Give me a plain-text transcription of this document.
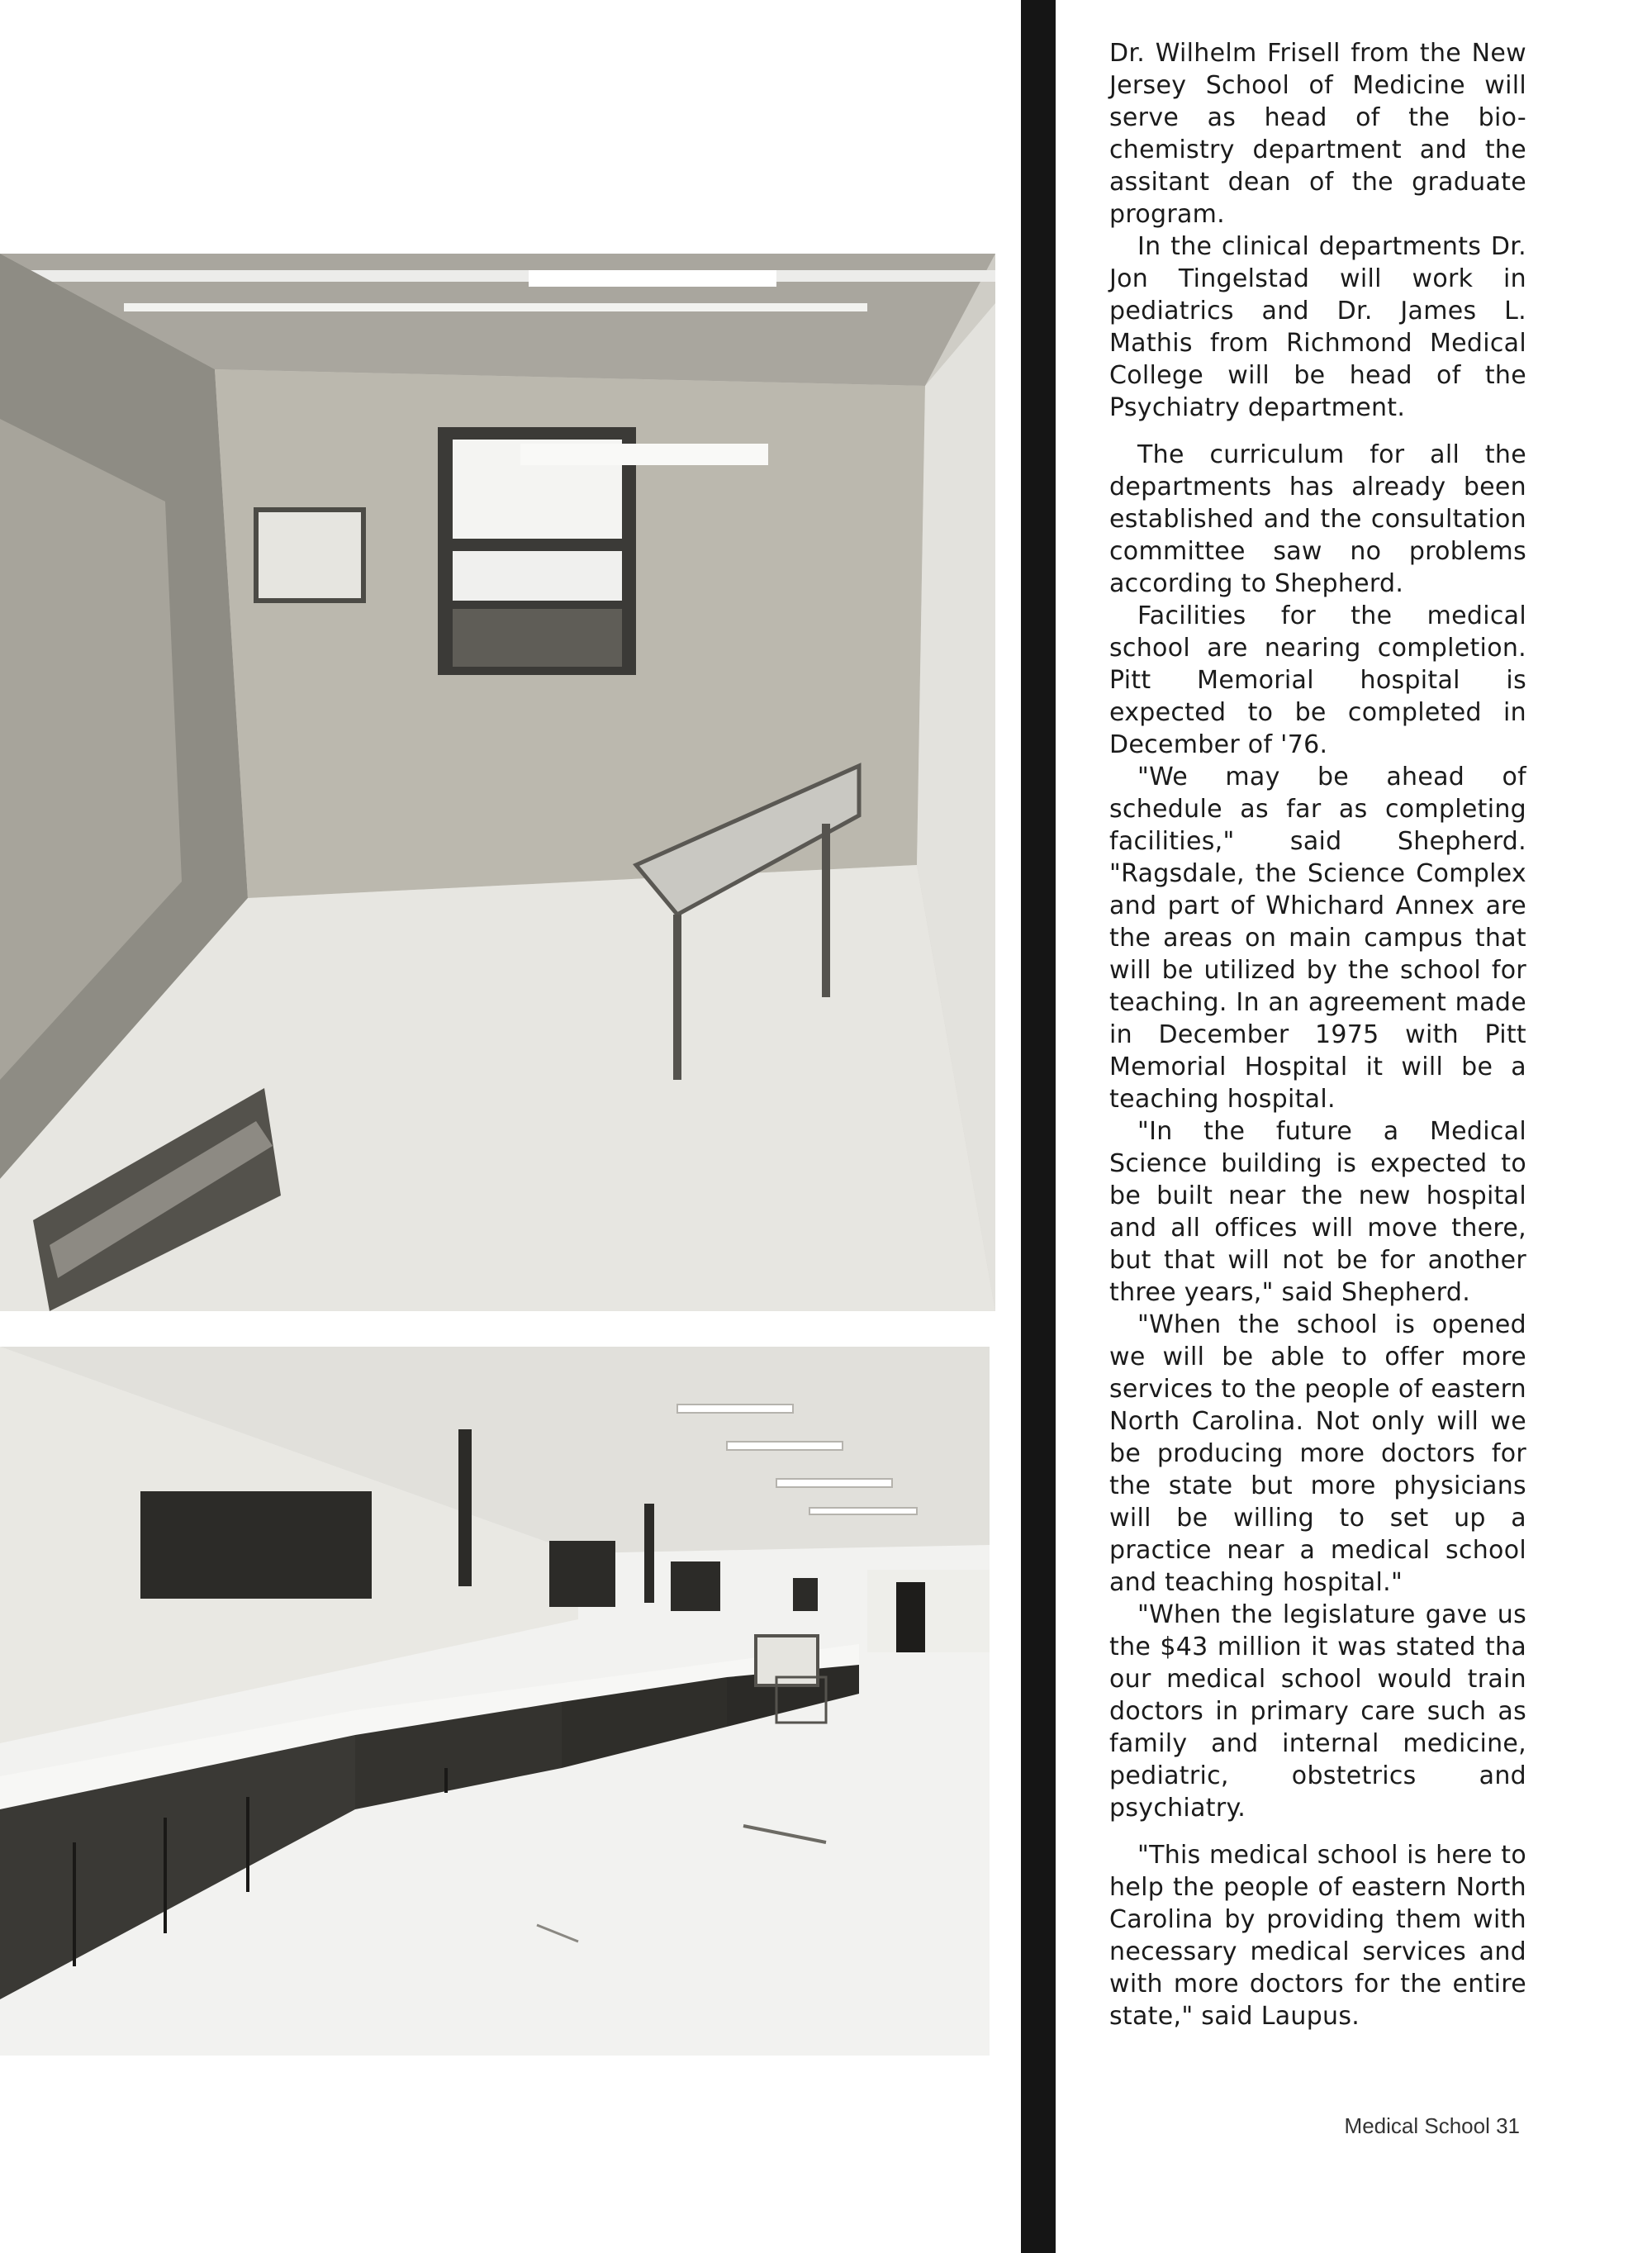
Dr. Wilhelm Frisell from the New Jersey School of Medicine will serve as head of the bio-chemistry department and the assitant dean of the graduate program.

In the clinical departments Dr. Jon Tingelstad will work in pediatrics and Dr. James L. Mathis from Richmond Medical College will be head of the Psychiatry department.

The curriculum for all the departments has already been established and the consultation committee saw no problems according to Shepherd.

Facilities for the medical school are nearing completion. Pitt Memorial hospital is expected to be completed in December of '76.

"We may be ahead of schedule as far as completing facilities," said Shepherd. "Ragsdale, the Science Complex and part of Whichard Annex are the areas on main campus that will be utilized by the school for teaching. In an agreement made in December 1975 with Pitt Memorial Hospital it will be a teaching hospital.

"In the future a Medical Science building is expected to be built near the new hospital and all offices will move there, but that will not be for another three years," said Shepherd.

"When the school is opened we will be able to offer more services to the people of eastern North Carolina. Not only will we be producing more doctors for the state but more physicians will be willing to set up a practice near a medical school and teaching hospital."

"When the legislature gave us the $43 million it was stated tha our medical school would train doctors in primary care such as family and internal medicine, pediatric, obstetrics and psychiatry.

"This medical school is here to help the people of eastern North Carolina by providing them with necessary medical services and with more doctors for the entire state," said Laupus.

Medical School 31
